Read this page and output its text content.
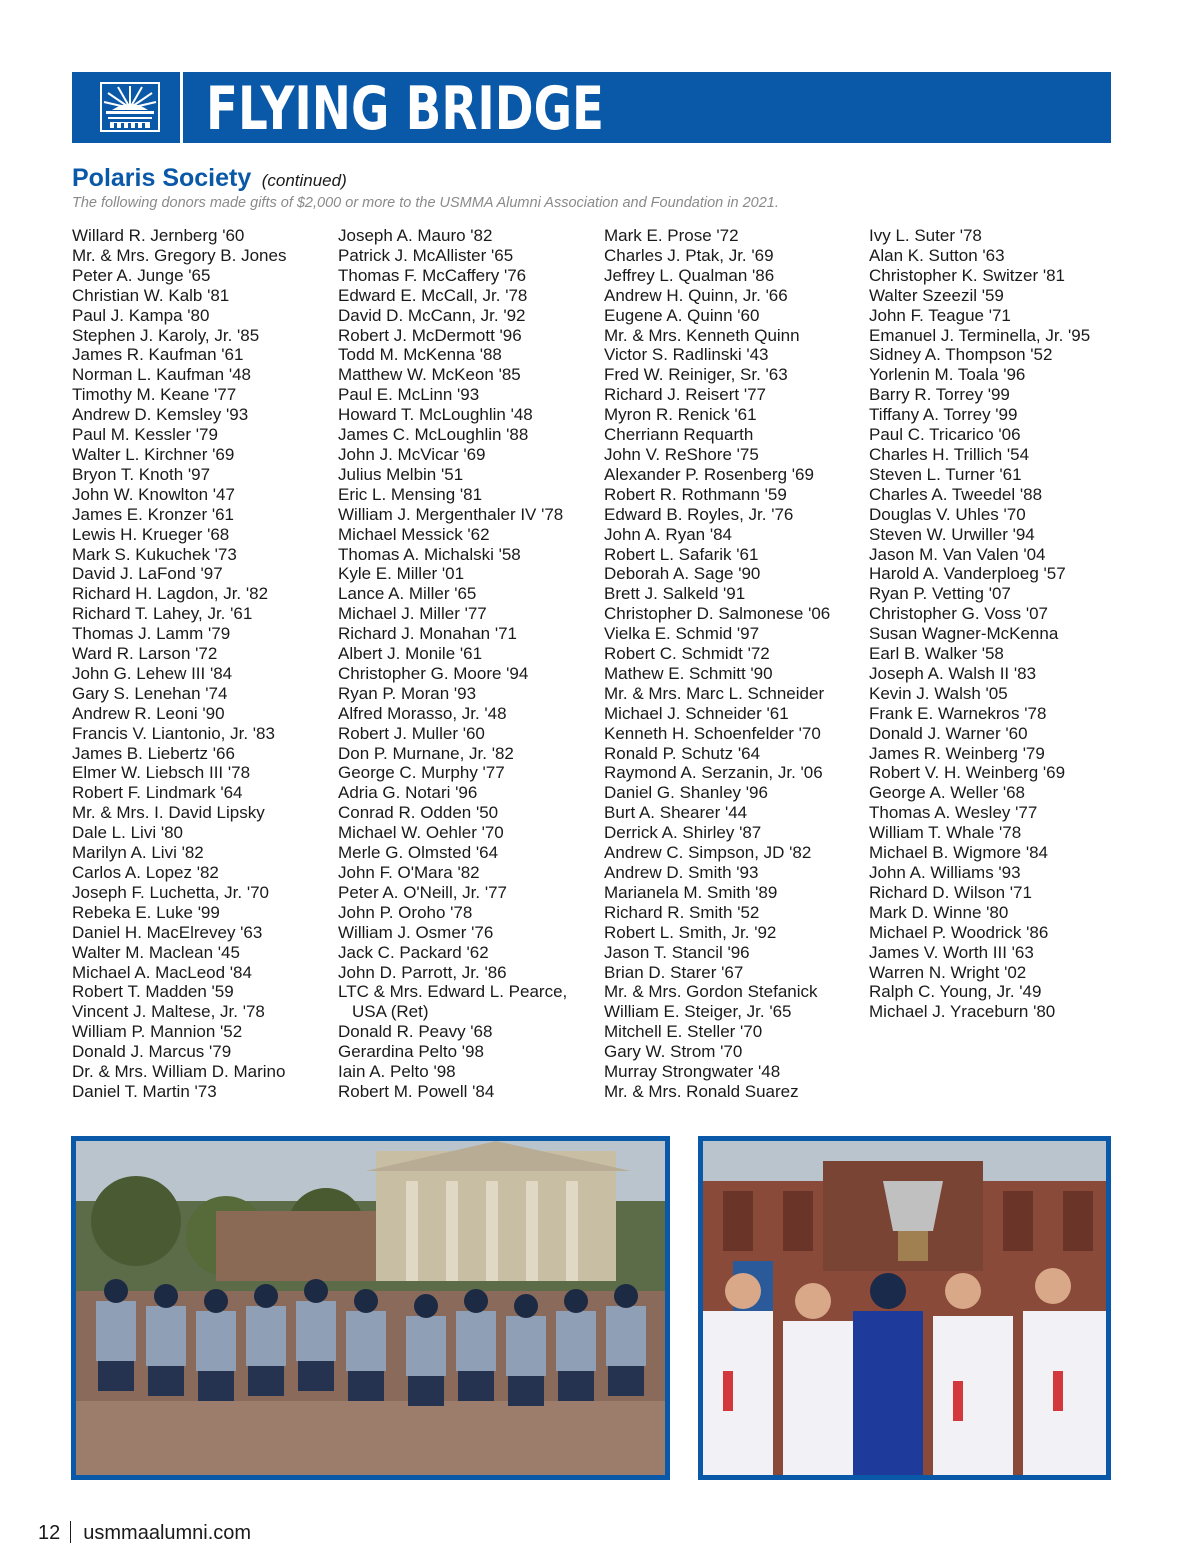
FLYING BRIDGE
Polaris Society (continued)
The following donors made gifts of $2,000 or more to the USMMA Alumni Association and Foundation in 2021.
Willard R. Jernberg '60
Mr. & Mrs. Gregory B. Jones
Peter A. Junge '65
Christian W. Kalb '81
Paul J. Kampa '80
Stephen J. Karoly, Jr. '85
James R. Kaufman '61
Norman L. Kaufman '48
Timothy M. Keane '77
Andrew D. Kemsley '93
Paul M. Kessler '79
Walter L. Kirchner '69
Bryon T. Knoth '97
John W. Knowlton '47
James E. Kronzer '61
Lewis H. Krueger '68
Mark S. Kukuchek '73
David J. LaFond '97
Richard H. Lagdon, Jr. '82
Richard T. Lahey, Jr. '61
Thomas J. Lamm '79
Ward R. Larson '72
John G. Lehew III '84
Gary S. Lenehan '74
Andrew R. Leoni '90
Francis V. Liantonio, Jr. '83
James B. Liebertz '66
Elmer W. Liebsch III '78
Robert F. Lindmark '64
Mr. & Mrs. I. David Lipsky
Dale L. Livi '80
Marilyn A. Livi '82
Carlos A. Lopez '82
Joseph F. Luchetta, Jr. '70
Rebeka E. Luke '99
Daniel H. MacElrevey '63
Walter M. Maclean '45
Michael A. MacLeod '84
Robert T. Madden '59
Vincent J. Maltese, Jr. '78
William P. Mannion '52
Donald J. Marcus '79
Dr. & Mrs. William D. Marino
Daniel T. Martin '73
Joseph A. Mauro '82
Patrick J. McAllister '65
Thomas F. McCaffery '76
Edward E. McCall, Jr. '78
David D. McCann, Jr. '92
Robert J. McDermott '96
Todd M. McKenna '88
Matthew W. McKeon '85
Paul E. McLinn '93
Howard T. McLoughlin '48
James C. McLoughlin '88
John J. McVicar '69
Julius Melbin '51
Eric L. Mensing '81
William J. Mergenthaler IV '78
Michael Messick '62
Thomas A. Michalski '58
Kyle E. Miller '01
Lance A. Miller '65
Michael J. Miller '77
Richard J. Monahan '71
Albert J. Monile '61
Christopher G. Moore '94
Ryan P. Moran '93
Alfred Morasso, Jr. '48
Robert J. Muller '60
Don P. Murnane, Jr. '82
George C. Murphy '77
Adria G. Notari '96
Conrad R. Odden '50
Michael W. Oehler '70
Merle G. Olmsted '64
John F. O'Mara '82
Peter A. O'Neill, Jr. '77
John P. Oroho '78
William J. Osmer '76
Jack C. Packard '62
John D. Parrott, Jr. '86
LTC & Mrs. Edward L. Pearce, USA (Ret)
Donald R. Peavy '68
Gerardina Pelto '98
Iain A. Pelto '98
Robert M. Powell '84
Mark E. Prose '72
Charles J. Ptak, Jr. '69
Jeffrey L. Qualman '86
Andrew H. Quinn, Jr. '66
Eugene A. Quinn '60
Mr. & Mrs. Kenneth Quinn
Victor S. Radlinski '43
Fred W. Reiniger, Sr. '63
Richard J. Reisert '77
Myron R. Renick '61
Cherriann Requarth
John V. ReShore '75
Alexander P. Rosenberg '69
Robert R. Rothmann '59
Edward B. Royles, Jr. '76
John A. Ryan '84
Robert L. Safarik '61
Deborah A. Sage '90
Brett J. Salkeld '91
Christopher D. Salmonese '06
Vielka E. Schmid '97
Robert C. Schmidt '72
Mathew E. Schmitt '90
Mr. & Mrs. Marc L. Schneider
Michael J. Schneider '61
Kenneth H. Schoenfelder '70
Ronald P. Schutz '64
Raymond A. Serzanin, Jr. '06
Daniel G. Shanley '96
Burt A. Shearer '44
Derrick A. Shirley '87
Andrew C. Simpson, JD '82
Andrew D. Smith '93
Marianela M. Smith '89
Richard R. Smith '52
Robert L. Smith, Jr. '92
Jason T. Stancil '96
Brian D. Starer '67
Mr. & Mrs. Gordon Stefanick
William E. Steiger, Jr. '65
Mitchell E. Steller '70
Gary W. Strom '70
Murray Strongwater '48
Mr. & Mrs. Ronald Suarez
Ivy L. Suter '78
Alan K. Sutton '63
Christopher K. Switzer '81
Walter Szeezil '59
John F. Teague '71
Emanuel J. Terminella, Jr. '95
Sidney A. Thompson '52
Yorlenin M. Toala '96
Barry R. Torrey '99
Tiffany A. Torrey '99
Paul C. Tricarico '06
Charles H. Trillich '54
Steven L. Turner '61
Charles A. Tweedel '88
Douglas V. Uhles '70
Steven W. Urwiller '94
Jason M. Van Valen '04
Harold A. Vanderploeg '57
Ryan P. Vetting '07
Christopher G. Voss '07
Susan Wagner-McKenna
Earl B. Walker '58
Joseph A. Walsh II '83
Kevin J. Walsh '05
Frank E. Warnekros '78
Donald J. Warner '60
James R. Weinberg '79
Robert V. H. Weinberg '69
George A. Weller '68
Thomas A. Wesley '77
William T. Whale '78
Michael B. Wigmore '84
John A. Williams '93
Richard D. Wilson '71
Mark D. Winne '80
Michael P. Woodrick '86
James V. Worth III '63
Warren N. Wright '02
Ralph C. Young, Jr. '49
Michael J. Yraceburn '80
12 usmmaalumni.com
